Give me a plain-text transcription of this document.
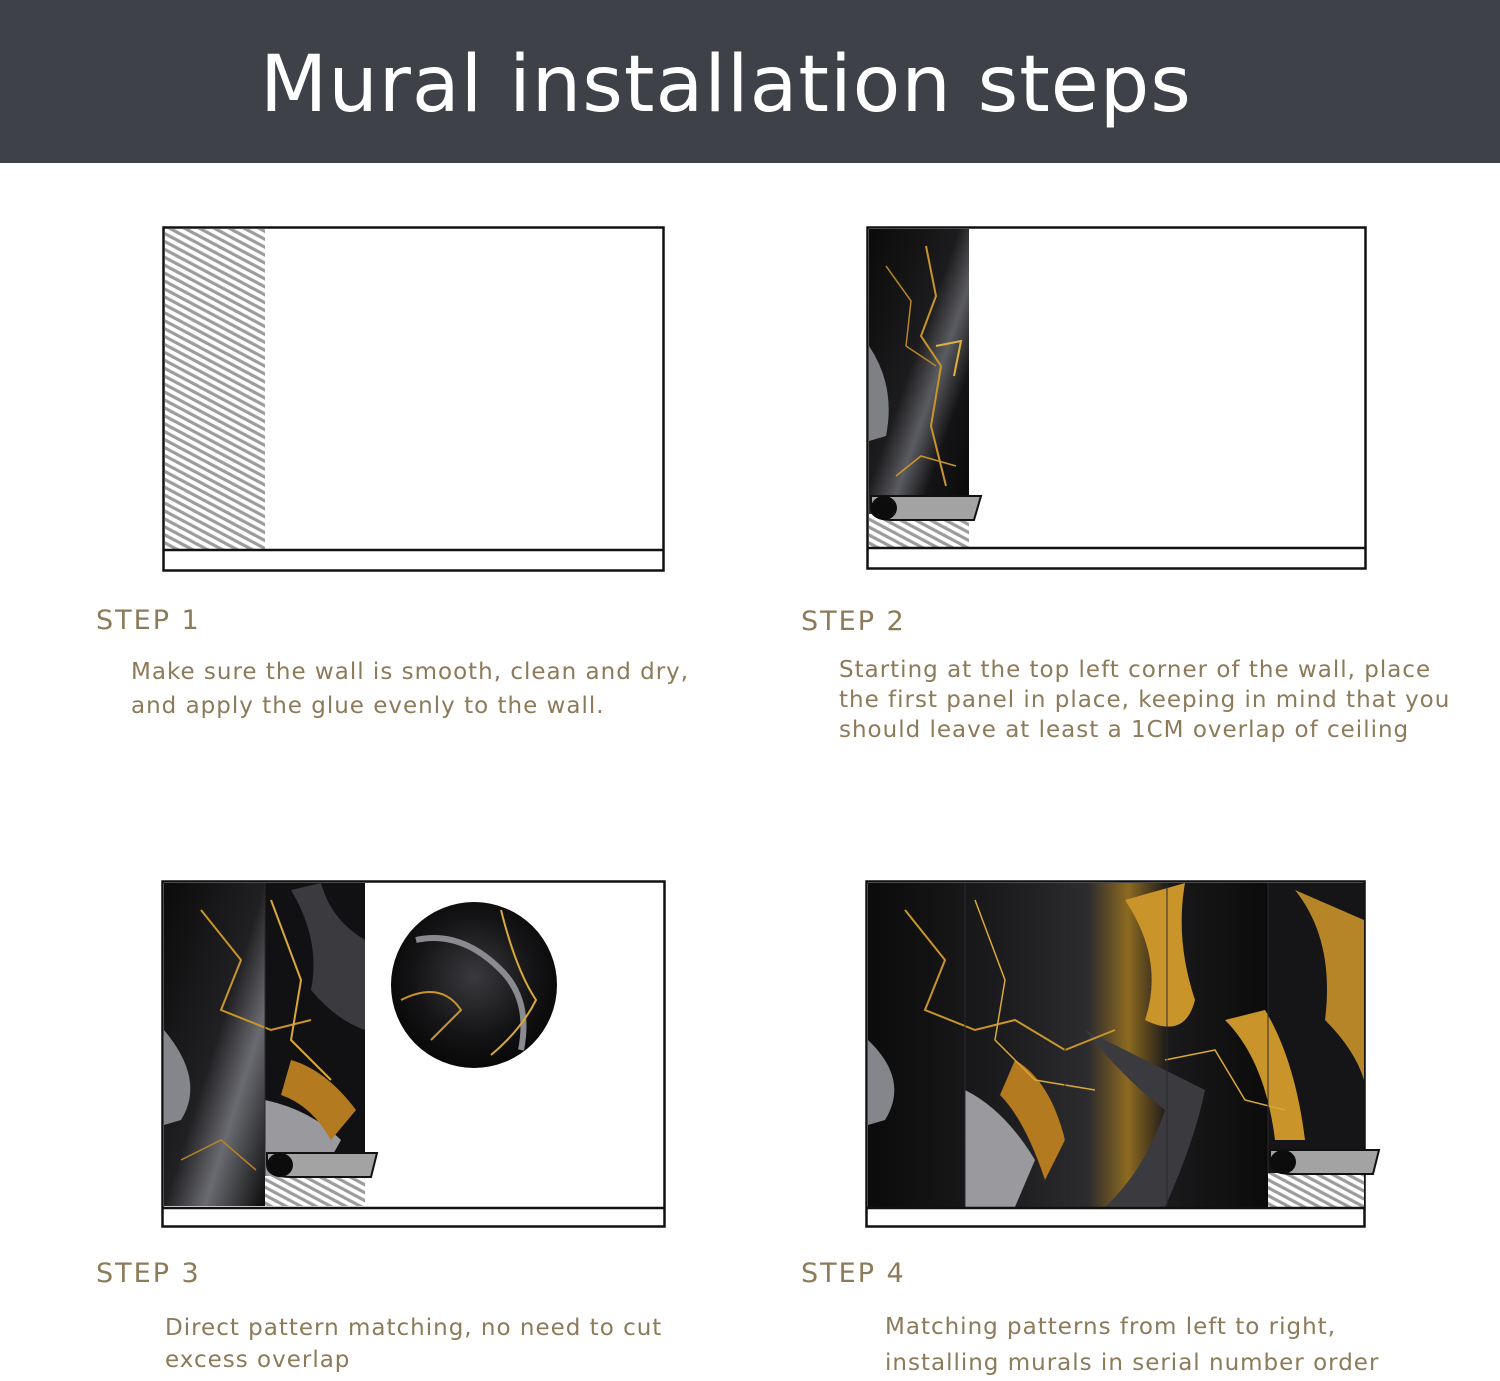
Mural installation steps
STEP 1
Make sure the wall is smooth, clean and dry,
and apply the glue evenly to the wall.
STEP 2
Starting at the top left corner of the wall, place
the first panel in place, keeping in mind that you
should leave at least a 1CM overlap of ceiling
STEP 3
Direct pattern matching, no need to cut
excess overlap
STEP 4
Matching patterns from left to right,
installing murals in serial number order
